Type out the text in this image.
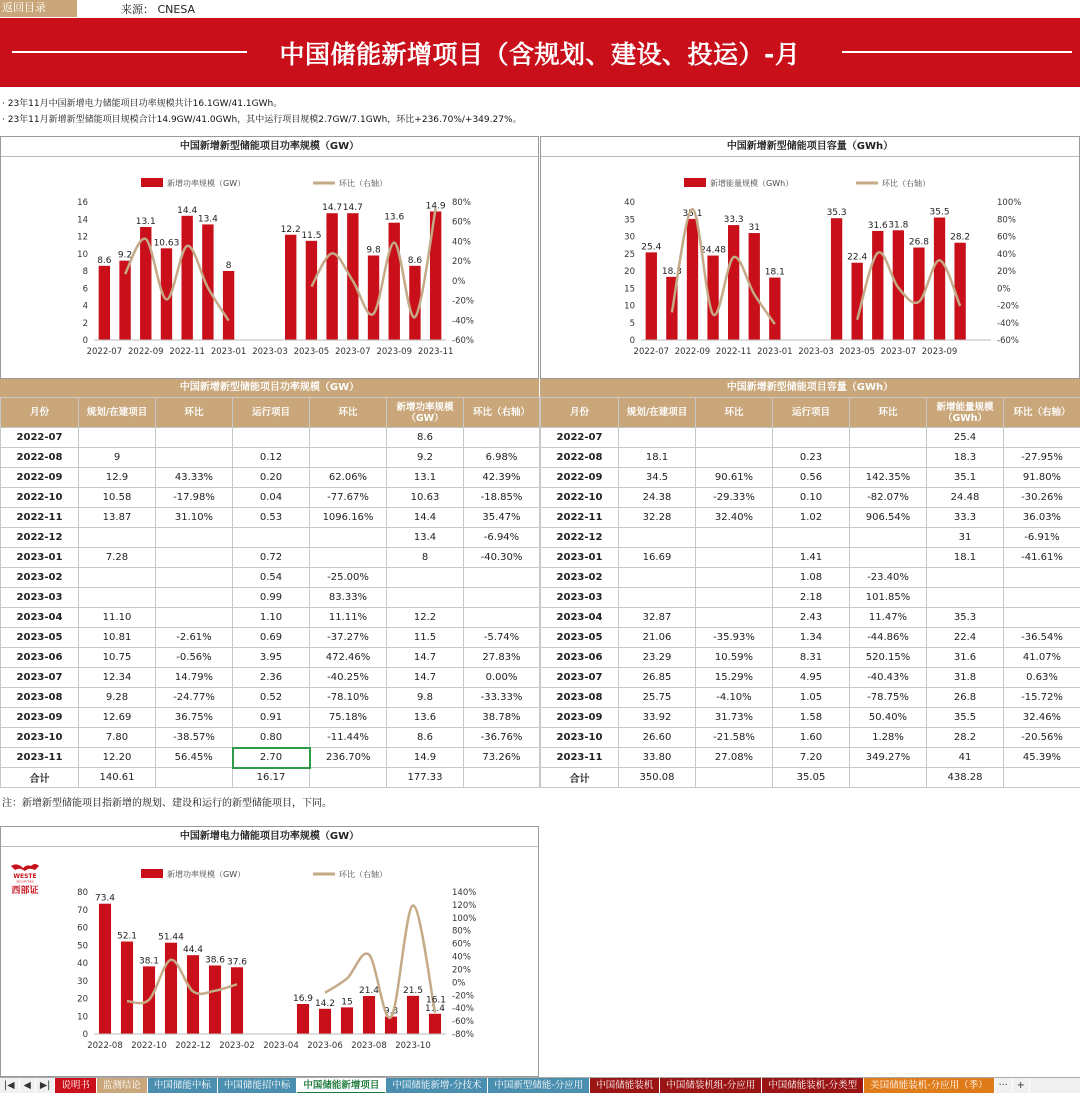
返回目录	来源： CNESA
中国储能新增项目（含规划、建设、投运）-月
· 23年11月中国新增电力储能项目功率规模共计16.1GW/41.1GWh。
· 23年11月新增新型储能项目规模合计14.9GW/41.0GWh，其中运行项目规模2.7GW/7.1GWh，环比+236.70%/+349.27%。
中国新增新型储能项目功率规模（GW）
新增功率规模（GW）	环比（右轴）
0
2
4
6
8
10
12
14
16
-60%
-40%
-20%
0%
20%
40%
60%
80%
8.6
9.2
13.1
10.63
14.4
13.4
8
12.2
11.5
14.7 14.7
9.8
13.6
8.6
14.9
2022-07 2022-09 2022-11 2023-01 2023-03 2023-05 2023-07 2023-09 2023-11
中国新增新型储能项目容量（GWh）
新增能量规模（GWh）	环比（右轴）
0
5
10
15
20
25
30
35
40
-60%
-40%
-20%
0%
20%
40%
60%
80%
100%
25.4
18.3
35.1
24.48
33.3
31
18.1
35.3
22.4
31.6 31.8
26.8
35.5
28.2
2022-07 2022-09 2022-11 2023-01 2023-03 2023-05 2023-07 2023-09
中国新增新型储能项目功率规模（GW）
月份	规划/在建项目	环比	运行项目	环比	新增功率规模（GW）	环比（右轴）
2022-07					8.6	
2022-08	9		0.12		9.2	6.98%
2022-09	12.9	43.33%	0.20	62.06%	13.1	42.39%
2022-10	10.58	-17.98%	0.04	-77.67%	10.63	-18.85%
2022-11	13.87	31.10%	0.53	1096.16%	14.4	35.47%
2022-12					13.4	-6.94%
2023-01	7.28		0.72		8	-40.30%
2023-02			0.54	-25.00%		
2023-03			0.99	83.33%		
2023-04	11.10		1.10	11.11%	12.2	
2023-05	10.81	-2.61%	0.69	-37.27%	11.5	-5.74%
2023-06	10.75	-0.56%	3.95	472.46%	14.7	27.83%
2023-07	12.34	14.79%	2.36	-40.25%	14.7	0.00%
2023-08	9.28	-24.77%	0.52	-78.10%	9.8	-33.33%
2023-09	12.69	36.75%	0.91	75.18%	13.6	38.78%
2023-10	7.80	-38.57%	0.80	-11.44%	8.6	-36.76%
2023-11	12.20	56.45%	2.70	236.70%	14.9	73.26%
合计	140.61		16.17		177.33	
中国新增新型储能项目容量（GWh）
月份	规划/在建项目	环比	运行项目	环比	新增能量规模（GWh）	环比（右轴）
2022-07					25.4	
2022-08	18.1		0.23		18.3	-27.95%
2022-09	34.5	90.61%	0.56	142.35%	35.1	91.80%
2022-10	24.38	-29.33%	0.10	-82.07%	24.48	-30.26%
2022-11	32.28	32.40%	1.02	906.54%	33.3	36.03%
2022-12					31	-6.91%
2023-01	16.69		1.41		18.1	-41.61%
2023-02			1.08	-23.40%		
2023-03			2.18	101.85%		
2023-04	32.87		2.43	11.47%	35.3	
2023-05	21.06	-35.93%	1.34	-44.86%	22.4	-36.54%
2023-06	23.29	10.59%	8.31	520.15%	31.6	41.07%
2023-07	26.85	15.29%	4.95	-40.43%	31.8	0.63%
2023-08	25.75	-4.10%	1.05	-78.75%	26.8	-15.72%
2023-09	33.92	31.73%	1.58	50.40%	35.5	32.46%
2023-10	26.60	-21.58%	1.60	1.28%	28.2	-20.56%
2023-11	33.80	27.08%	7.20	349.27%	41	45.39%
合计	350.08		35.05		438.28	
注：新增新型储能项目指新增的规划、建设和运行的新型储能项目，下同。
中国新增电力储能项目功率规模（GW）
新增功率规模（GW）	环比（右轴）
0
10
20
30
40
50
60
70
80
-80%
-60%
-40%
-20%
0%
20%
40%
60%
80%
100%
120%
140%
73.4
52.1
38.1
51.44
44.4
38.6 37.6
16.9 14.2 15
21.4
9.8
21.5
11.4
2022-08 2022-10 2022-12 2023-02 2023-04 2023-06 2023-08 2023-10
16.1
WESTE
SECURITIES
西部证
|◀ ◀ ▶|	说明书	监测结论	中国储能中标	中国储能招中标	中国储能新增项目	中国储能新增-分技术	中国新型储能-分应用	中国储能装机	中国储装机组-分应用	中国储能装机-分类型	美国储能装机-分应用（季）	··· +
